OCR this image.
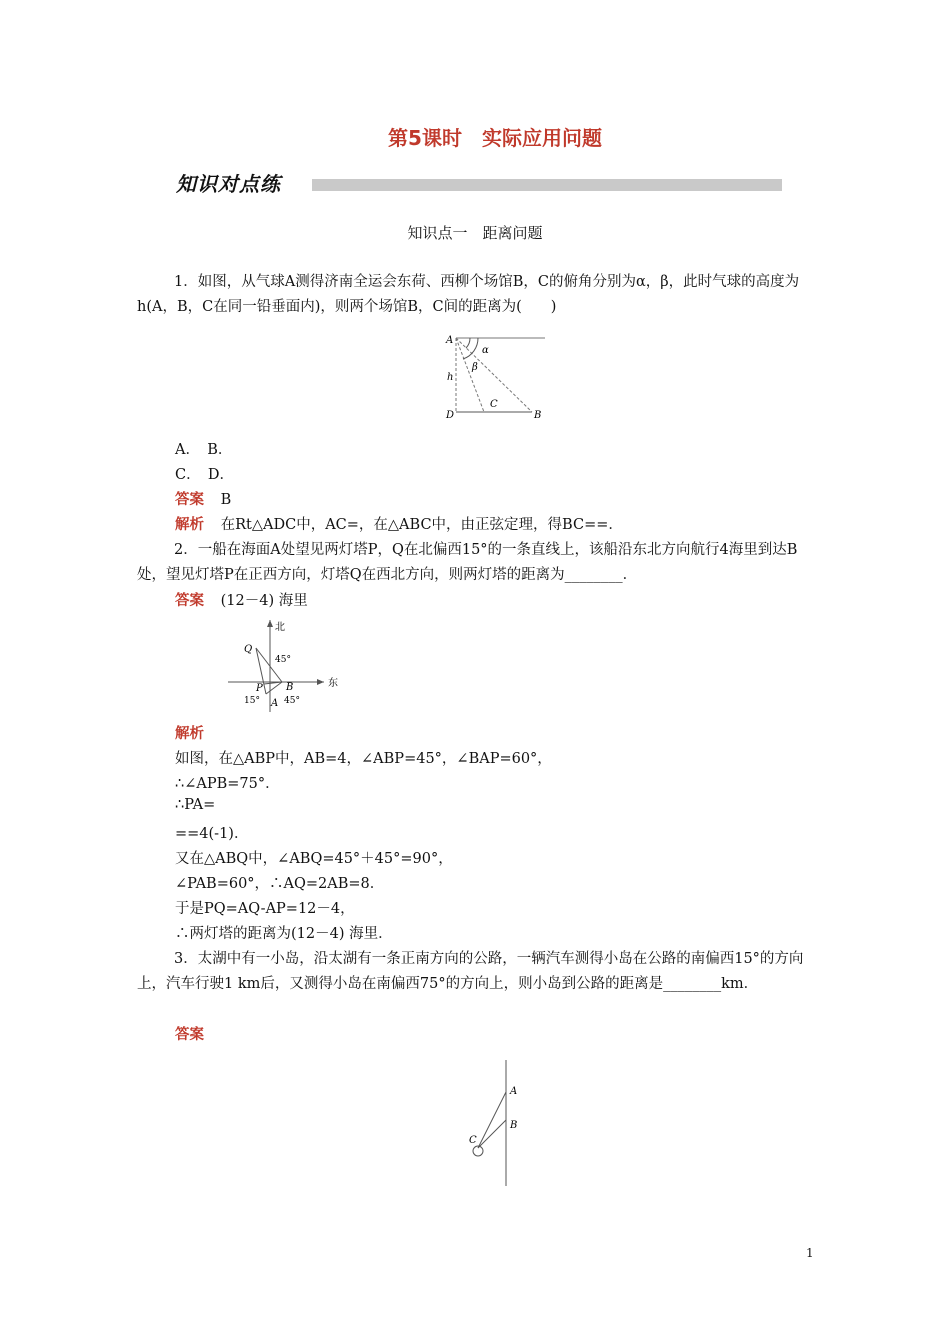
第5课时　实际应用问题
知识对点练
知识点一　距离问题
1．如图，从气球A测得济南全运会东荷、西柳个场馆B，C的俯角分别为α，β，此时气球的高度为h(A，B，C在同一铅垂面内)，则两个场馆B，C间的距离为(　　)
A
D
h
α
β
C
B
A．　B．
C．　D．
答案 B
解析 在Rt△ADC中，AC=，在△ABC中，由正弦定理，得BC==．
2．一船在海面A处望见两灯塔P，Q在北偏西15°的一条直线上，该船沿东北方向航行4海里到达B处，望见灯塔P在正西方向，灯塔Q在西北方向，则两灯塔的距离为________．
答案 (12－4) 海里
北
东
Q
45°
P B
15° A 45°
解析
如图，在△ABP中，AB=4，∠ABP=45°，∠BAP=60°，
∴∠APB=75°．
∴PA=
==4(-1)．
又在△ABQ中，∠ABQ=45°＋45°=90°，
∠PAB=60°，∴AQ=2AB=8．
于是PQ=AQ-AP=12－4，
∴两灯塔的距离为(12－4) 海里．
3．太湖中有一小岛，沿太湖有一条正南方向的公路，一辆汽车测得小岛在公路的南偏西15°的方向上，汽车行驶1 km后，又测得小岛在南偏西75°的方向上，则小岛到公路的距离是________km．
答案
A
B
C
1
